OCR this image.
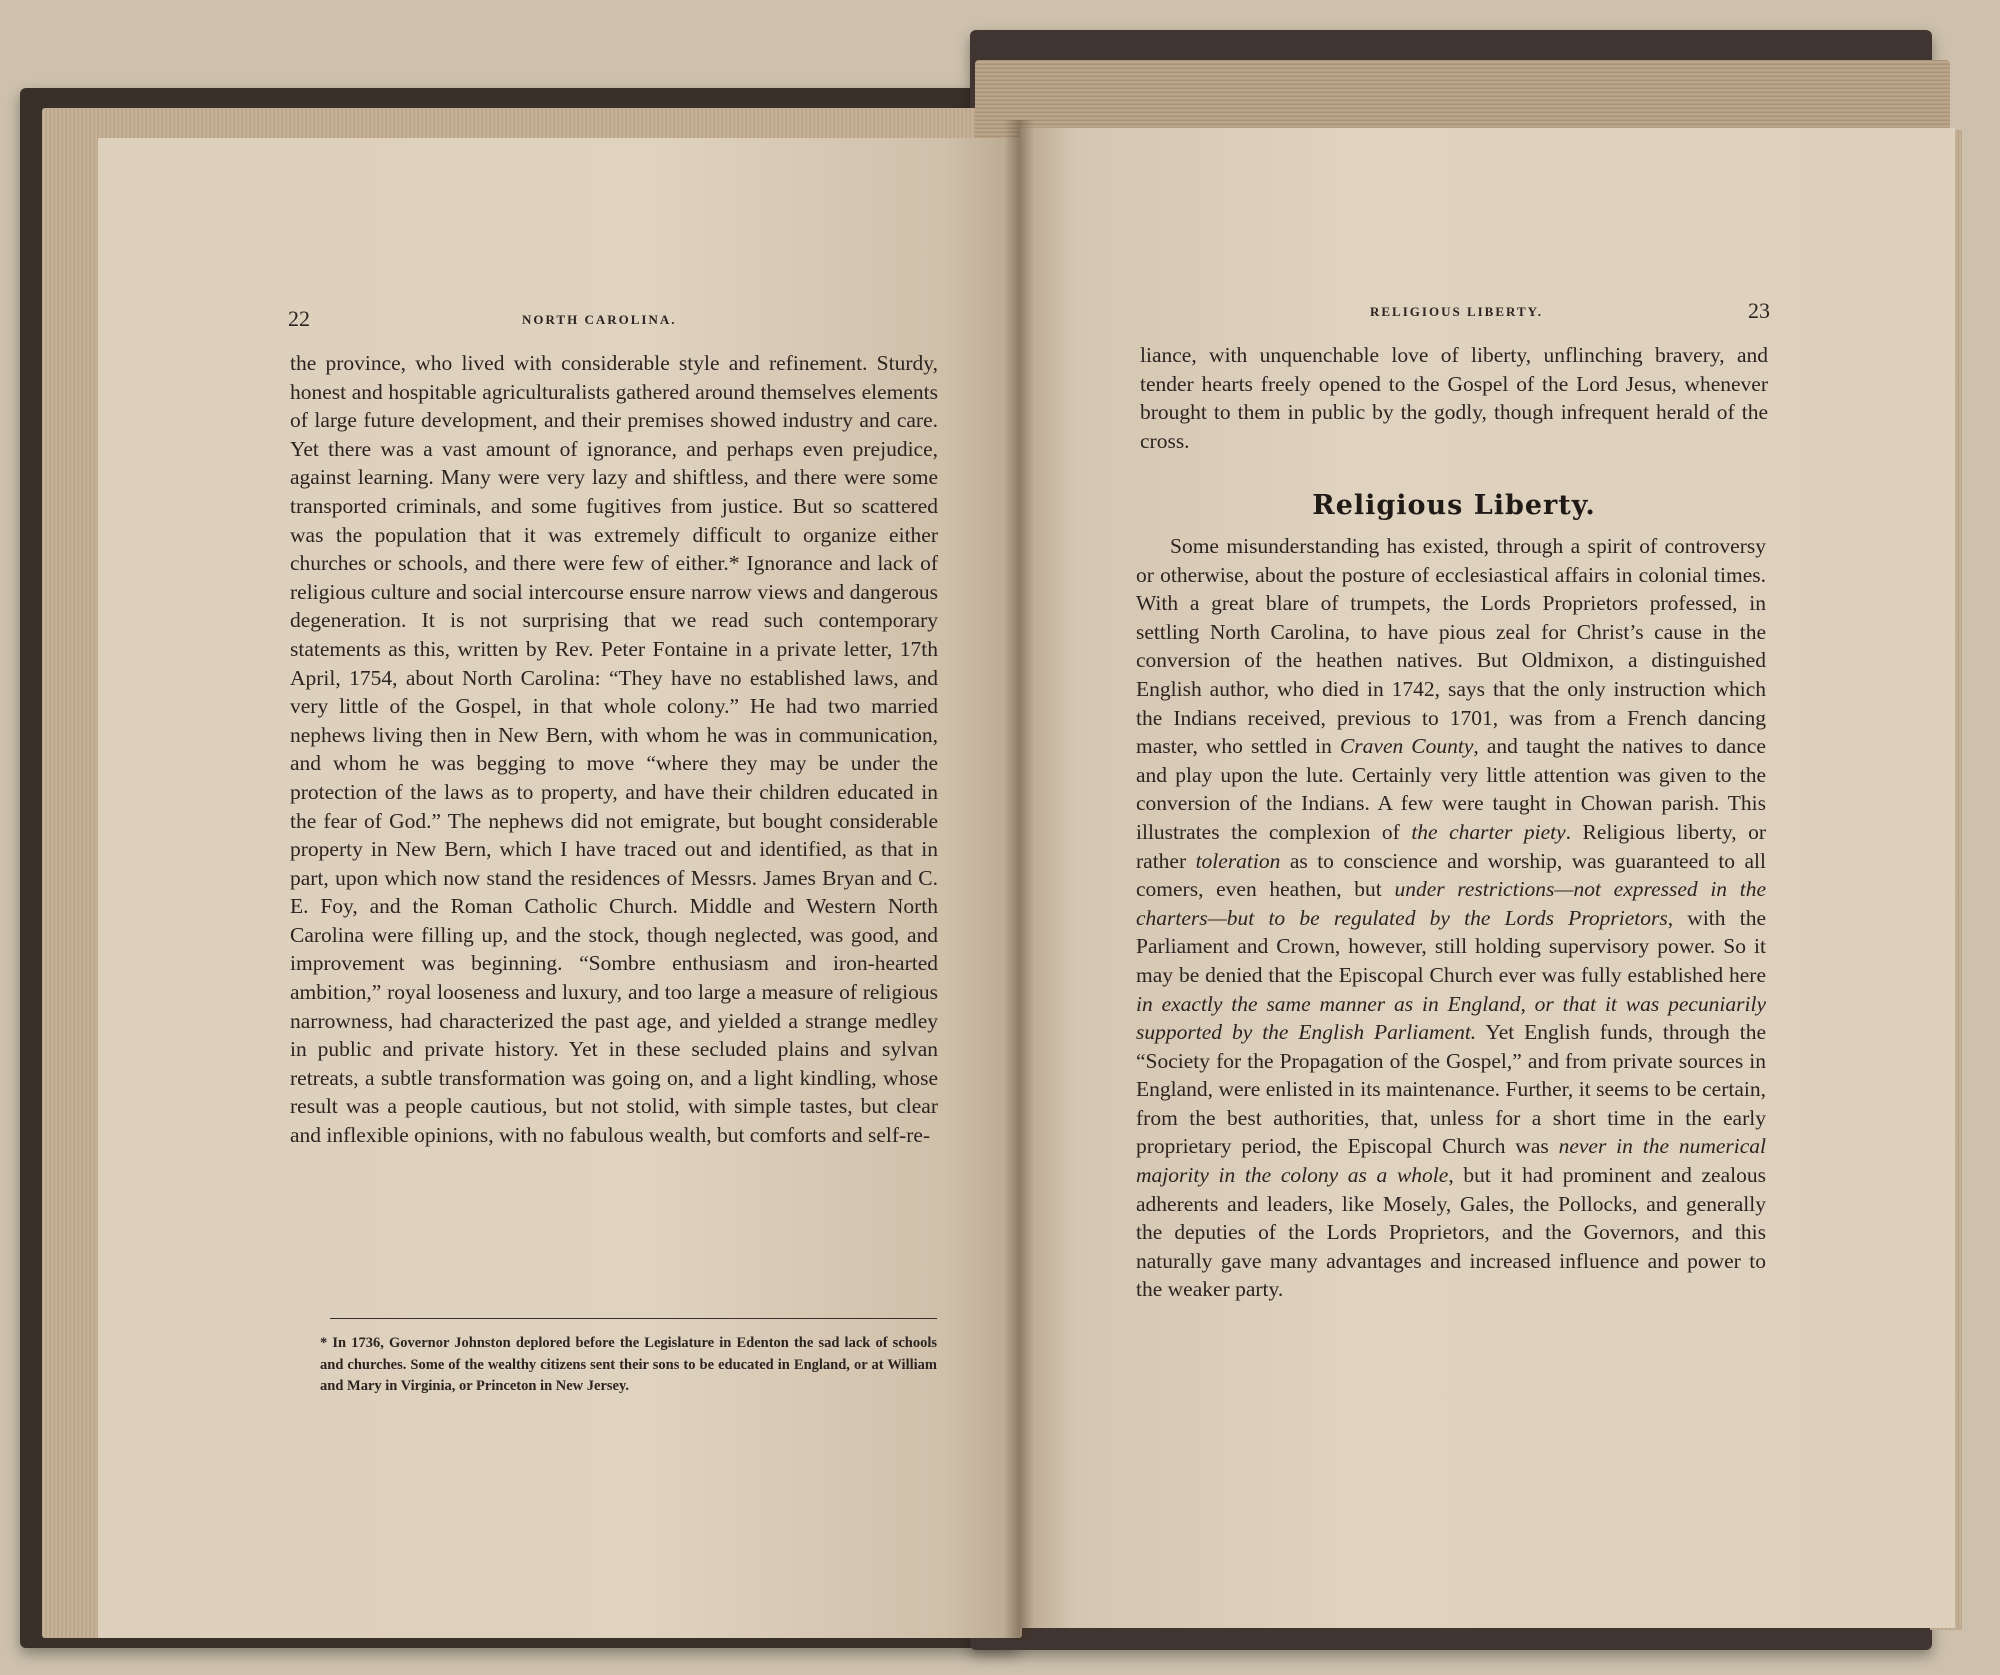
22	NORTH CAROLINA.

the province, who lived with considerable style and refinement. Sturdy, honest and hospitable agriculturalists gathered around themselves elements of large future development, and their premises showed industry and care. Yet there was a vast amount of ignorance, and perhaps even prejudice, against learning. Many were very lazy and shiftless, and there were some transported criminals, and some fugitives from justice. But so scattered was the population that it was extremely difficult to organize either churches or schools, and there were few of either.* Ignorance and lack of religious culture and social intercourse ensure narrow views and dangerous degeneration. It is not surprising that we read such contemporary statements as this, written by Rev. Peter Fontaine in a private letter, 17th April, 1754, about North Carolina: “They have no established laws, and very little of the Gospel, in that whole colony.” He had two married nephews living then in New Bern, with whom he was in communication, and whom he was begging to move “where they may be under the protection of the laws as to property, and have their children educated in the fear of God.” The nephews did not emigrate, but bought considerable property in New Bern, which I have traced out and identified, as that in part, upon which now stand the residences of Messrs. James Bryan and C. E. Foy, and the Roman Catholic Church. Middle and Western North Carolina were filling up, and the stock, though neglected, was good, and improvement was beginning. “Sombre enthusiasm and iron-hearted ambition,” royal looseness and luxury, and too large a measure of religious narrowness, had characterized the past age, and yielded a strange medley in public and private history. Yet in these secluded plains and sylvan retreats, a subtle transformation was going on, and a light kindling, whose result was a people cautious, but not stolid, with simple tastes, but clear and inflexible opinions, with no fabulous wealth, but comforts and self-re-

* In 1736, Governor Johnston deplored before the Legislature in Edenton the sad lack of schools and churches. Some of the wealthy citizens sent their sons to be educated in England, or at William and Mary in Virginia, or Princeton in New Jersey.
RELIGIOUS LIBERTY.	23

liance, with unquenchable love of liberty, unflinching bravery, and tender hearts freely opened to the Gospel of the Lord Jesus, whenever brought to them in public by the godly, though infrequent herald of the cross.

Religious Liberty.

Some misunderstanding has existed, through a spirit of controversy or otherwise, about the posture of ecclesiastical affairs in colonial times. With a great blare of trumpets, the Lords Proprietors professed, in settling North Carolina, to have pious zeal for Christ’s cause in the conversion of the heathen natives. But Oldmixon, a distinguished English author, who died in 1742, says that the only instruction which the Indians received, previous to 1701, was from a French dancing master, who settled in Craven County, and taught the natives to dance and play upon the lute. Certainly very little attention was given to the conversion of the Indians. A few were taught in Chowan parish. This illustrates the complexion of the charter piety. Religious liberty, or rather toleration as to conscience and worship, was guaranteed to all comers, even heathen, but under restrictions—not expressed in the charters—but to be regulated by the Lords Proprietors, with the Parliament and Crown, however, still holding supervisory power. So it may be denied that the Episcopal Church ever was fully established here in exactly the same manner as in England, or that it was pecuniarily supported by the English Parliament. Yet English funds, through the “Society for the Propagation of the Gospel,” and from private sources in England, were enlisted in its maintenance. Further, it seems to be certain, from the best authorities, that, unless for a short time in the early proprietary period, the Episcopal Church was never in the numerical majority in the colony as a whole, but it had prominent and zealous adherents and leaders, like Mosely, Gales, the Pollocks, and generally the deputies of the Lords Proprietors, and the Governors, and this naturally gave many advantages and increased influence and power to the weaker party.
